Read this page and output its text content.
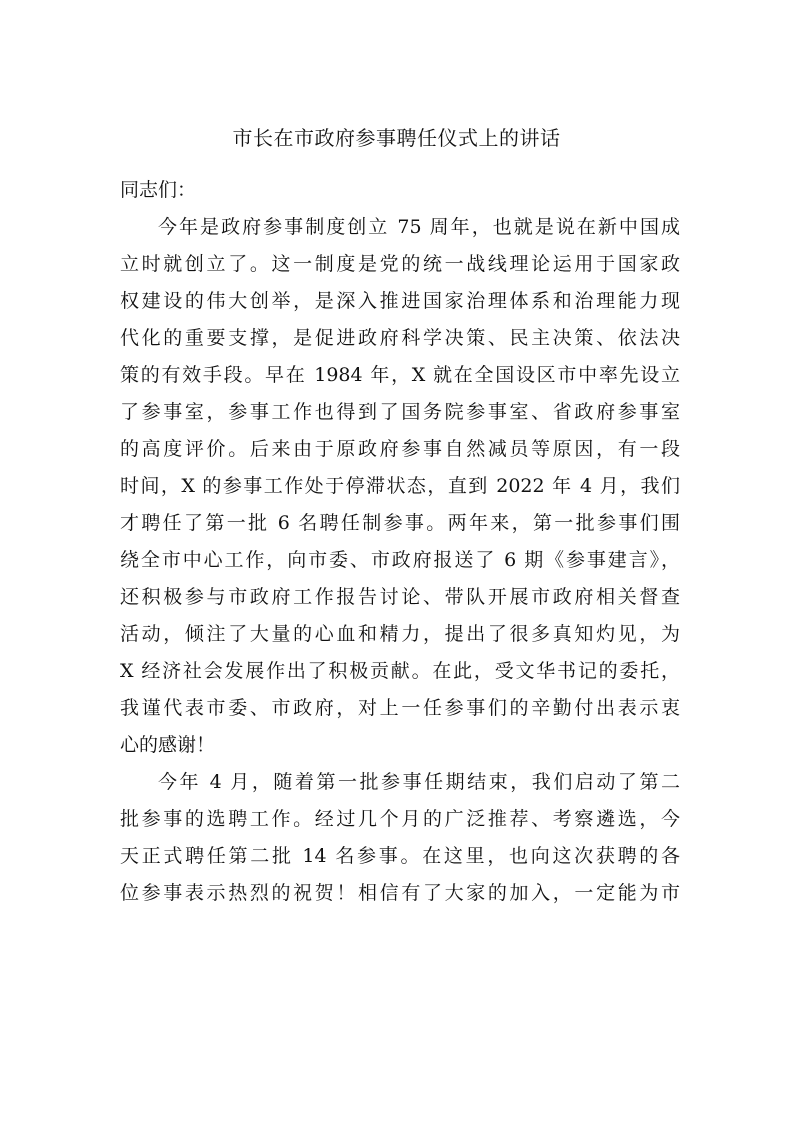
市长在市政府参事聘任仪式上的讲话
同志们：
今年是政府参事制度创立 75 周年，也就是说在新中国成
立时就创立了。这一制度是党的统一战线理论运用于国家政
权建设的伟大创举，是深入推进国家治理体系和治理能力现
代化的重要支撑，是促进政府科学决策、民主决策、依法决
策的有效手段。早在 1984 年，X 就在全国设区市中率先设立
了参事室，参事工作也得到了国务院参事室、省政府参事室
的高度评价。后来由于原政府参事自然减员等原因，有一段
时间，X 的参事工作处于停滞状态，直到 2022 年 4 月，我们
才聘任了第一批 6 名聘任制参事。两年来，第一批参事们围
绕全市中心工作，向市委、市政府报送了 6 期《参事建言》，
还积极参与市政府工作报告讨论、带队开展市政府相关督查
活动，倾注了大量的心血和精力，提出了很多真知灼见，为
X 经济社会发展作出了积极贡献。在此，受文华书记的委托，
我谨代表市委、市政府，对上一任参事们的辛勤付出表示衷
心的感谢！
今年 4 月，随着第一批参事任期结束，我们启动了第二
批参事的选聘工作。经过几个月的广泛推荐、考察遴选，今
天正式聘任第二批 14 名参事。在这里，也向这次获聘的各
位参事表示热烈的祝贺！相信有了大家的加入，一定能为市
